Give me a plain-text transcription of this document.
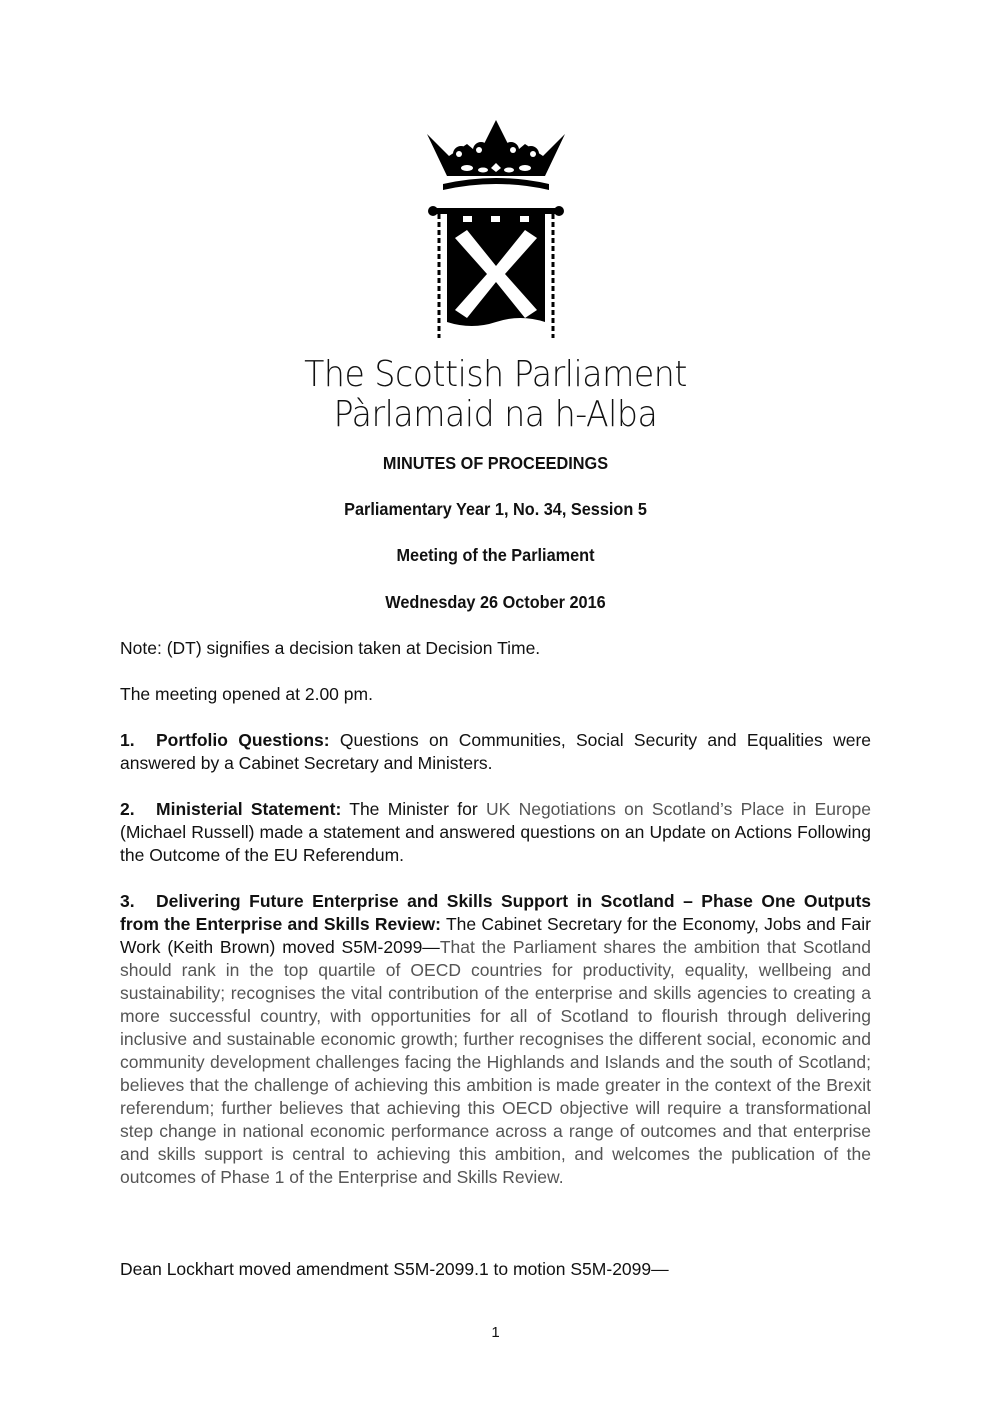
The Scottish Parliament
Pàrlamaid na h-Alba
MINUTES OF PROCEEDINGS
Parliamentary Year 1, No. 34, Session 5
Meeting of the Parliament
Wednesday 26 October 2016
Note: (DT) signifies a decision taken at Decision Time.
The meeting opened at 2.00 pm.
1. Portfolio Questions: Questions on Communities, Social Security and Equalities were answered by a Cabinet Secretary and Ministers.
2. Ministerial Statement: The Minister for UK Negotiations on Scotland’s Place in Europe (Michael Russell) made a statement and answered questions on an Update on Actions Following the Outcome of the EU Referendum.
3. Delivering Future Enterprise and Skills Support in Scotland – Phase One Outputs from the Enterprise and Skills Review: The Cabinet Secretary for the Economy, Jobs and Fair Work (Keith Brown) moved S5M-2099—That the Parliament shares the ambition that Scotland should rank in the top quartile of OECD countries for productivity, equality, wellbeing and sustainability; recognises the vital contribution of the enterprise and skills agencies to creating a more successful country, with opportunities for all of Scotland to flourish through delivering inclusive and sustainable economic growth; further recognises the different social, economic and community development challenges facing the Highlands and Islands and the south of Scotland; believes that the challenge of achieving this ambition is made greater in the context of the Brexit referendum; further believes that achieving this OECD objective will require a transformational step change in national economic performance across a range of outcomes and that enterprise and skills support is central to achieving this ambition, and welcomes the publication of the outcomes of Phase 1 of the Enterprise and Skills Review.
Dean Lockhart moved amendment S5M-2099.1 to motion S5M-2099—
1
